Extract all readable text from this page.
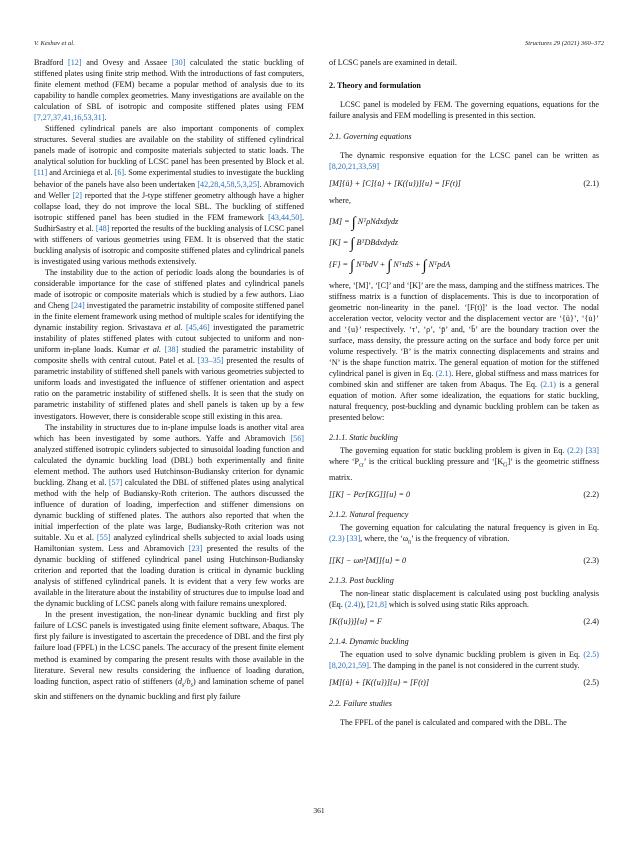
V. Keshav et al.	Structures 29 (2021) 360–372

Bradford [12] and Ovesy and Assaee [30] calculated the static buckling of stiffened plates using finite strip method. With the introductions of fast computers, finite element method (FEM) became a popular method of analysis due to its capability to handle complex geometries. Many investigations are available on the calculation of SBL of isotropic and composite stiffened plates using FEM [7,27,37,41,16,53,31].

Stiffened cylindrical panels are also important components of complex structures. Several studies are available on the stability of stiffened cylindrical panels made of isotropic and composite materials subjected to static loads. The analytical solution for buckling of LCSC panel has been presented by Block et al. [11] and Arciniega et al. [6]. Some experimental studies to investigate the buckling behavior of the panels have also been undertaken [42,28,4,58,5,3,25]. Abramovich and Weller [2] reported that the J-type stiffener geometry although have a higher collapse load, they do not improve the local SBL. The buckling of stiffened isotropic stiffened panel has been studied in the FEM framework [43,44,50]. SudhirSastry et al. [48] reported the results of the buckling analysis of LCSC panel with stiffeners of various geometries using FEM. It is observed that the static buckling analysis of isotropic and composite stiffened plates and cylindrical panels is investigated using various methods extensively.

The instability due to the action of periodic loads along the boundaries is of considerable importance for the case of stiffened plates and cylindrical panels made of isotropic or composite materials which is studied by a few authors. Liao and Cheng [24] investigated the parametric instability of composite stiffened panel in the finite element framework using method of multiple scales for identifying the dynamic instability region. Srivastava et al. [45,46] investigated the parametric instability of plates stiffened plates with cutout subjected to uniform and non-uniform in-plane loads. Kumar et al. [38] studied the parametric instability of composite shells with central cutout. Patel et al. [33–35] presented the results of parametric instability of stiffened shell panels with various geometries subjected to uniform loads and investigated the influence of stiffener orientation and aspect ratio on the parametric instability of stiffened shells. It is seen that the study on parametric instability of stiffened plates and shell panels is taken up by a few investigators. However, there is considerable scope still existing in this area.

The instability in structures due to in-plane impulse loads is another vital area which has been investigated by some authors. Yaffe and Abramovich [56] analyzed stiffened isotropic cylinders subjected to sinusoidal loading function and calculated the dynamic buckling load (DBL) both experimentally and finite element method. The authors used Hutchinson-Budiansky criterion for dynamic buckling. Zhang et al. [57] calculated the DBL of stiffened plates using analytical method with the help of Budiansky-Roth criterion. The authors discussed the influence of duration of loading, imperfection and stiffener dimensions on dynamic buckling of stiffened plates. The authors also reported that when the initial imperfection of the plate was large, Budiansky-Roth criterion was not suitable. Xu et al. [55] analyzed cylindrical shells subjected to axial loads using Hamiltonian system. Less and Abramovich [23] presented the results of the dynamic buckling of stiffened cylindrical panel using Hutchinson-Budiansky criterion and reported that the loading duration is critical in dynamic buckling analysis of stiffened cylindrical panels. It is evident that a very few works are available in the literature about the instability of structures due to impulse load and the dynamic buckling of LCSC panels along with failure remains unexplored.

In the present investigation, the non-linear dynamic buckling and first ply failure of LCSC panels is investigated using finite element software, Abaqus. The first ply failure is investigated to ascertain the precedence of DBL and the first ply failure load (FPFL) in the LCSC panels. The accuracy of the present finite element method is examined by comparing the present results with those available in the literature. Several new results considering the influence of loading duration, loading function, aspect ratio of stiffeners $(d_s/b_s)$ and lamination scheme of panel skin and stiffeners on the dynamic buckling and first ply failure

of LCSC panels are examined in detail.

2. Theory and formulation

LCSC panel is modeled by FEM. The governing equations, equations for the failure analysis and FEM modelling is presented in this section.

2.1. Governing equations

The dynamic responsive equation for the LCSC panel can be written as [8,20,21,33,59]

[M]{ü} + [C]{u̇} + [K({u})]{u} = [F(t)]	(2.1)

where,

[M] = ∫ NᵀρNdxdydz
[K] = ∫ BᵀDBdxdydz
{F} = ∫ NᵀbdV + ∫ NᵀτdS + ∫ NᵀpdA

where, ‘[M]’, ‘[C]’ and ‘[K]’ are the mass, damping and the stiffness matrices. The stiffness matrix is a function of displacements. This is due to incorporation of geometric non-linearity in the panel. ‘[F(t)]’ is the load vector. The nodal acceleration vector, velocity vector and the displacement vector are ‘{ü}’, ‘{u̇}’ and ‘{u}’ respectively. ‘τ’, ‘ρ’, ‘p̄’ and, ‘b̄’ are the boundary traction over the surface, mass density, the pressure acting on the surface and body force per unit volume respectively. ‘B’ is the matrix connecting displacements and strains and ‘N’ is the shape function matrix. The general equation of motion for the stiffened cylindrical panel is given in Eq. (2.1). Here, global stiffness and mass matrices for combined skin and stiffener are taken from Abaqus. The Eq. (2.1) is a general equation of motion. After some idealization, the equations for static buckling, natural frequency, post-buckling and dynamic buckling problem can be taken as presented below:

2.1.1. Static buckling

The governing equation for static buckling problem is given in Eq. (2.2) [33] where ‘$P_{cr}$’ is the critical buckling pressure and ‘$[K_G]$’ is the geometric stiffness matrix.

[[K] − Pcr[KG]]{u} = 0	(2.2)

2.1.2. Natural frequency

The governing equation for calculating the natural frequency is given in Eq. (2.3) [33], where, the ‘$\omega_n$’ is the frequency of vibration.

[[K] − ωn²[M]]{u} = 0	(2.3)

2.1.3. Post buckling

The non-linear static displacement is calculated using post buckling analysis (Eq. (2.4)), [21,8] which is solved using static Riks approach.

[K({u})]{u} = F	(2.4)

2.1.4. Dynamic buckling

The equation used to solve dynamic buckling problem is given in Eq. (2.5) [8,20,21,59]. The damping in the panel is not considered in the current study.

[M]{ü} + [K({u})]{u} = [F(t)]	(2.5)

2.2. Failure studies

The FPFL of the panel is calculated and compared with the DBL. The

361
